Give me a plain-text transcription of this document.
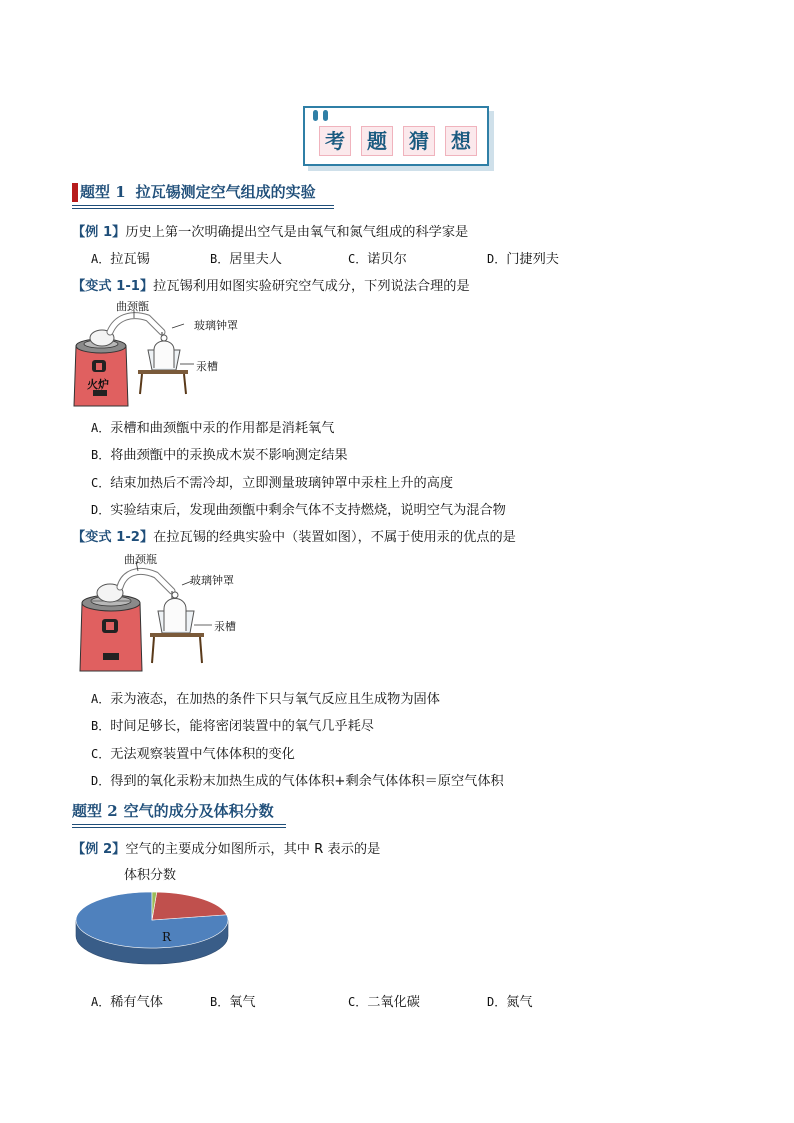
考	题	猜	想
题型 1 拉瓦锡测定空气组成的实验
【例 1】历史上第一次明确提出空气是由氧气和氮气组成的科学家是
A．拉瓦锡	B．居里夫人	C．诺贝尔	D．门捷列夫
【变式 1-1】拉瓦锡利用如图实验研究空气成分，下列说法合理的是
曲颈甑
玻璃钟罩
汞槽
火炉
A．汞槽和曲颈甑中汞的作用都是消耗氧气
B．将曲颈甑中的汞换成木炭不影响测定结果
C．结束加热后不需冷却，立即测量玻璃钟罩中汞柱上升的高度
D．实验结束后，发现曲颈甑中剩余气体不支持燃烧，说明空气为混合物
【变式 1-2】在拉瓦锡的经典实验中（装置如图），不属于使用汞的优点的是
曲颈瓶
玻璃钟罩
汞槽
A．汞为液态，在加热的条件下只与氧气反应且生成物为固体
B．时间足够长，能将密闭装置中的氧气几乎耗尽
C．无法观察装置中气体体积的变化
D．得到的氧化汞粉末加热生成的气体体积+剩余气体体积＝原空气体积
题型 2 空气的成分及体积分数
【例 2】空气的主要成分如图所示，其中 R 表示的是
体积分数
R
A．稀有气体	B．氧气	C．二氧化碳	D．氮气
